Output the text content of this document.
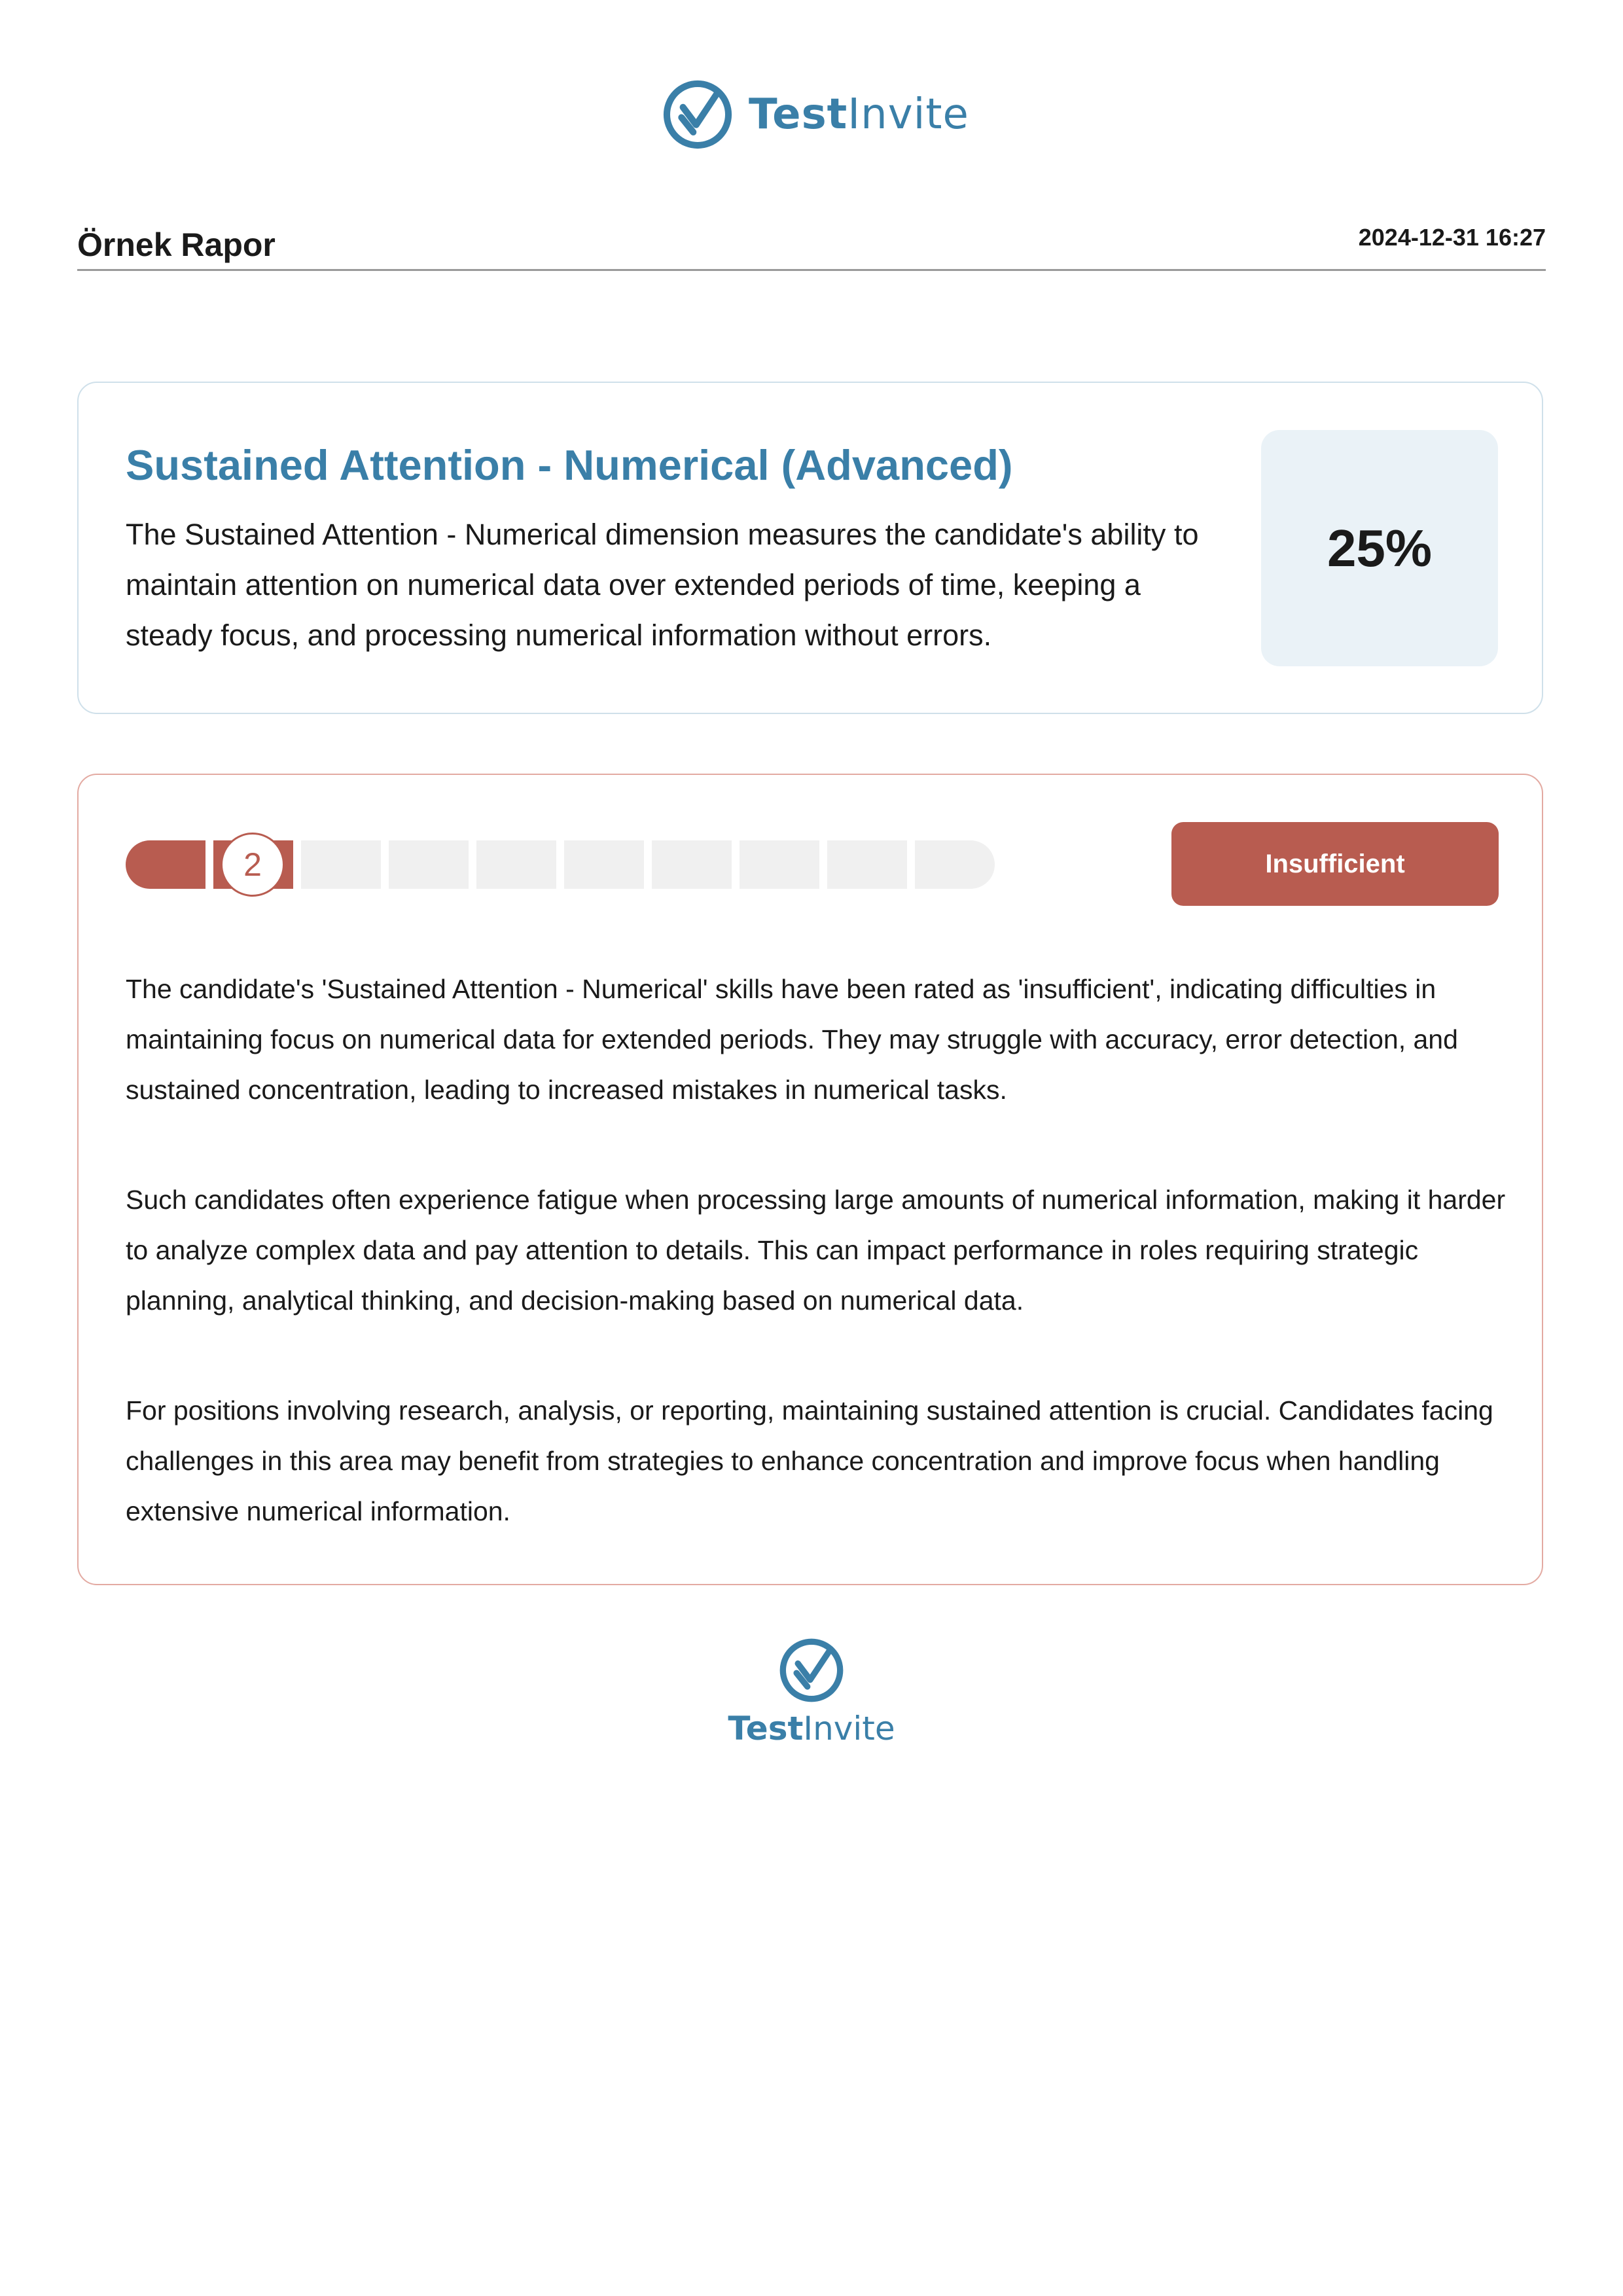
TestInvite
Örnek Rapor	2024-12-31 16:27
Sustained Attention - Numerical (Advanced)
The Sustained Attention - Numerical dimension measures the candidate's ability to maintain attention on numerical data over extended periods of time, keeping a steady focus, and processing numerical information without errors.
25%
2	Insufficient
The candidate's 'Sustained Attention - Numerical' skills have been rated as 'insufficient', indicating difficulties in maintaining focus on numerical data for extended periods. They may struggle with accuracy, error detection, and sustained concentration, leading to increased mistakes in numerical tasks.
Such candidates often experience fatigue when processing large amounts of numerical information, making it harder to analyze complex data and pay attention to details. This can impact performance in roles requiring strategic planning, analytical thinking, and decision-making based on numerical data.
For positions involving research, analysis, or reporting, maintaining sustained attention is crucial. Candidates facing challenges in this area may benefit from strategies to enhance concentration and improve focus when handling extensive numerical information.
TestInvite
